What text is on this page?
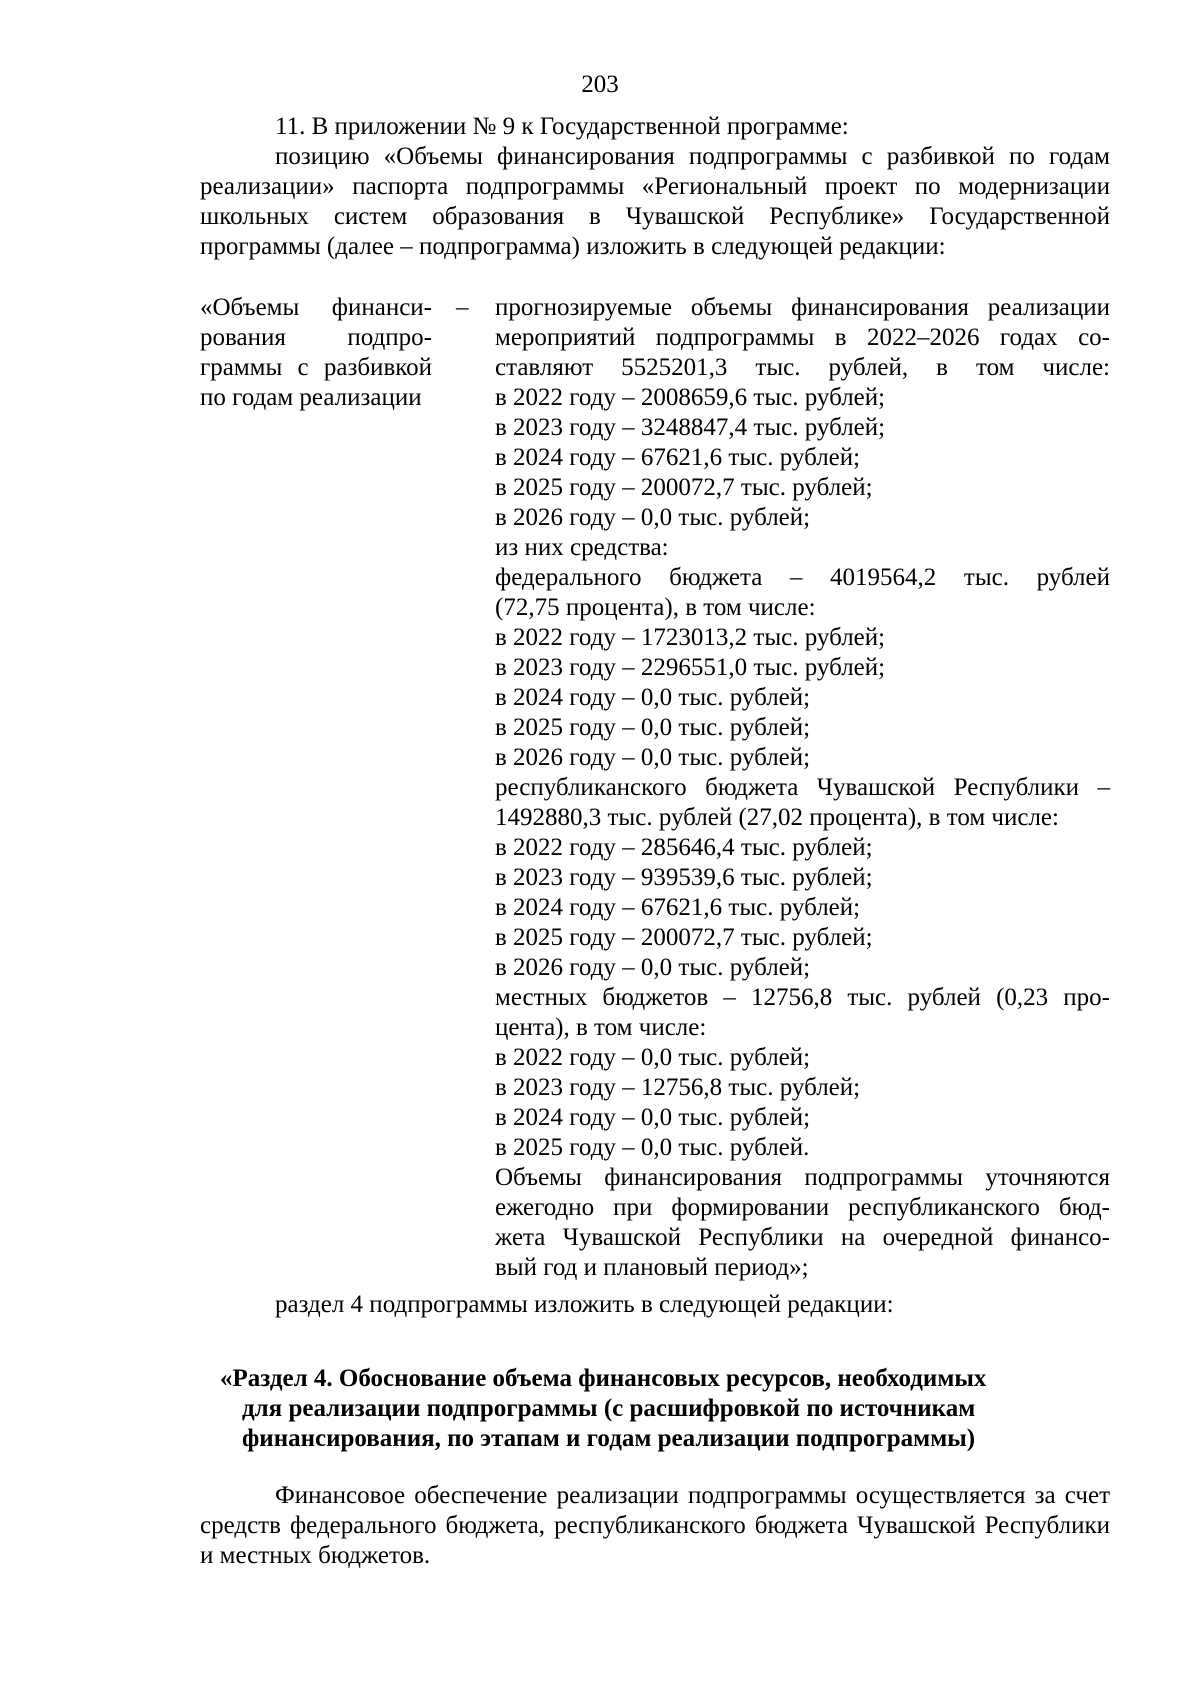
203
11. В приложении № 9 к Государственной программе:
позицию «Объемы финансирования подпрограммы с разбивкой по годам реализации» паспорта подпрограммы «Региональный проект по модернизации школьных систем образования в Чувашской Республике» Государственной программы (далее – подпрограмма) изложить в следующей редакции:
«Объемы финанси-
рования подпро-
граммы с разбивкой
по годам реализации
– прогнозируемые объемы финансирования реализации
мероприятий подпрограммы в 2022–2026 годах со-
ставляют 5525201,3 тыс. рублей, в том числе:
в 2022 году – 2008659,6 тыс. рублей;
в 2023 году – 3248847,4 тыс. рублей;
в 2024 году – 67621,6 тыс. рублей;
в 2025 году – 200072,7 тыс. рублей;
в 2026 году – 0,0 тыс. рублей;
из них средства:
федерального бюджета – 4019564,2 тыс. рублей
(72,75 процента), в том числе:
в 2022 году – 1723013,2 тыс. рублей;
в 2023 году – 2296551,0 тыс. рублей;
в 2024 году – 0,0 тыс. рублей;
в 2025 году – 0,0 тыс. рублей;
в 2026 году – 0,0 тыс. рублей;
республиканского бюджета Чувашской Республики –
1492880,3 тыс. рублей (27,02 процента), в том числе:
в 2022 году – 285646,4 тыс. рублей;
в 2023 году – 939539,6 тыс. рублей;
в 2024 году – 67621,6 тыс. рублей;
в 2025 году – 200072,7 тыс. рублей;
в 2026 году – 0,0 тыс. рублей;
местных бюджетов – 12756,8 тыс. рублей (0,23 про-
цента), в том числе:
в 2022 году – 0,0 тыс. рублей;
в 2023 году – 12756,8 тыс. рублей;
в 2024 году – 0,0 тыс. рублей;
в 2025 году – 0,0 тыс. рублей.
Объемы финансирования подпрограммы уточняются
ежегодно при формировании республиканского бюд-
жета Чувашской Республики на очередной финансо-
вый год и плановый период»;
раздел 4 подпрограммы изложить в следующей редакции:
«Раздел 4. Обоснование объема финансовых ресурсов, необходимых
для реализации подпрограммы (с расшифровкой по источникам
финансирования, по этапам и годам реализации подпрограммы)
Финансовое обеспечение реализации подпрограммы осуществляется за счет средств федерального бюджета, республиканского бюджета Чувашской Республики и местных бюджетов.
